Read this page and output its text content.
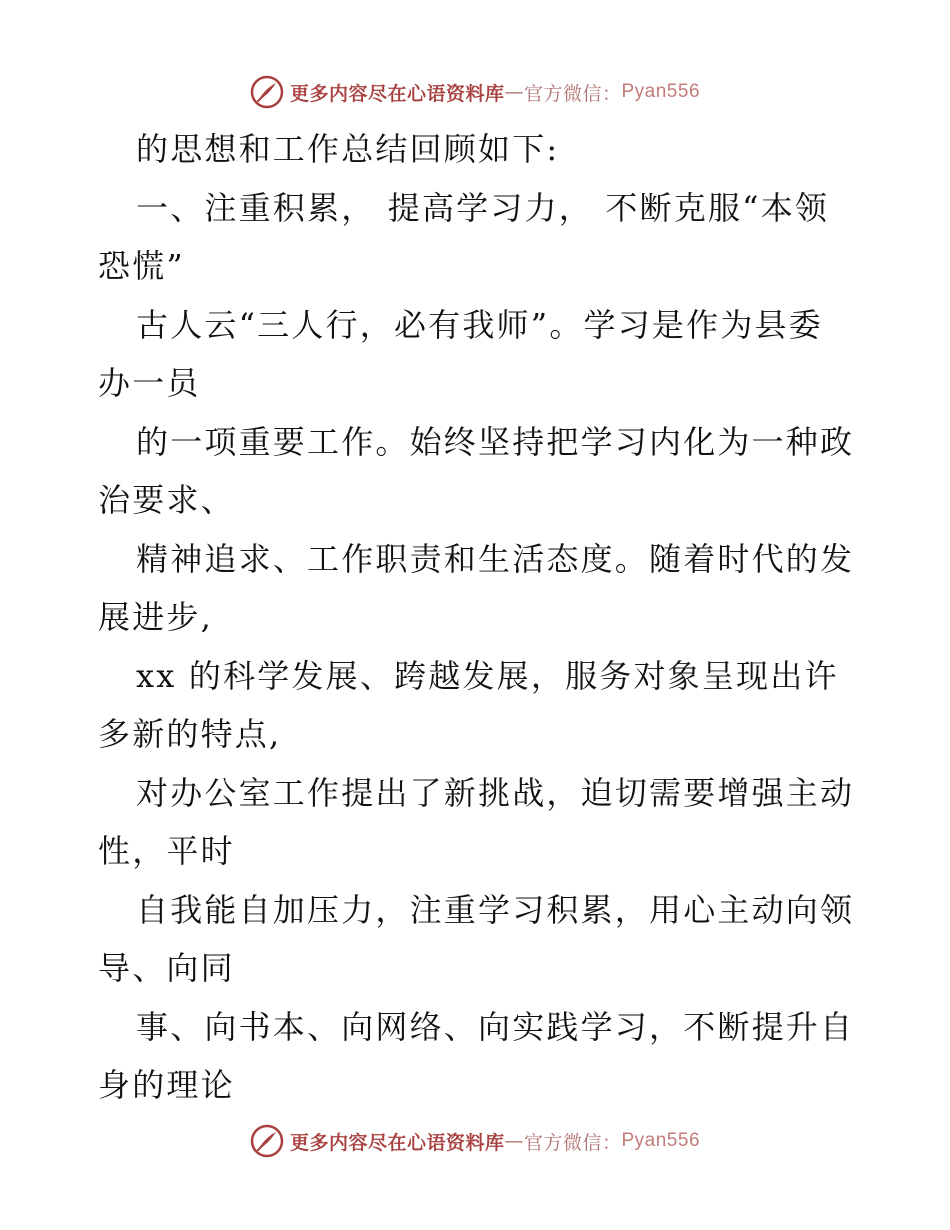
更多内容尽在心语资料库 — 官方微信： Pyan556
的思想和工作总结回顾如下:
一、注重积累， 提高学习力， 不断克服“本领
恐慌”
古人云“三人行，必有我师”。学习是作为县委
办一员
的一项重要工作。始终坚持把学习内化为一种政
治要求、
精神追求、工作职责和生活态度。随着时代的发
展进步,
xx 的科学发展、跨越发展，服务对象呈现出许
多新的特点,
对办公室工作提出了新挑战，迫切需要增强主动
性，平时
自我能自加压力，注重学习积累，用心主动向领
导、向同
事、向书本、向网络、向实践学习，不断提升自
身的理论
更多内容尽在心语资料库 — 官方微信： Pyan556
